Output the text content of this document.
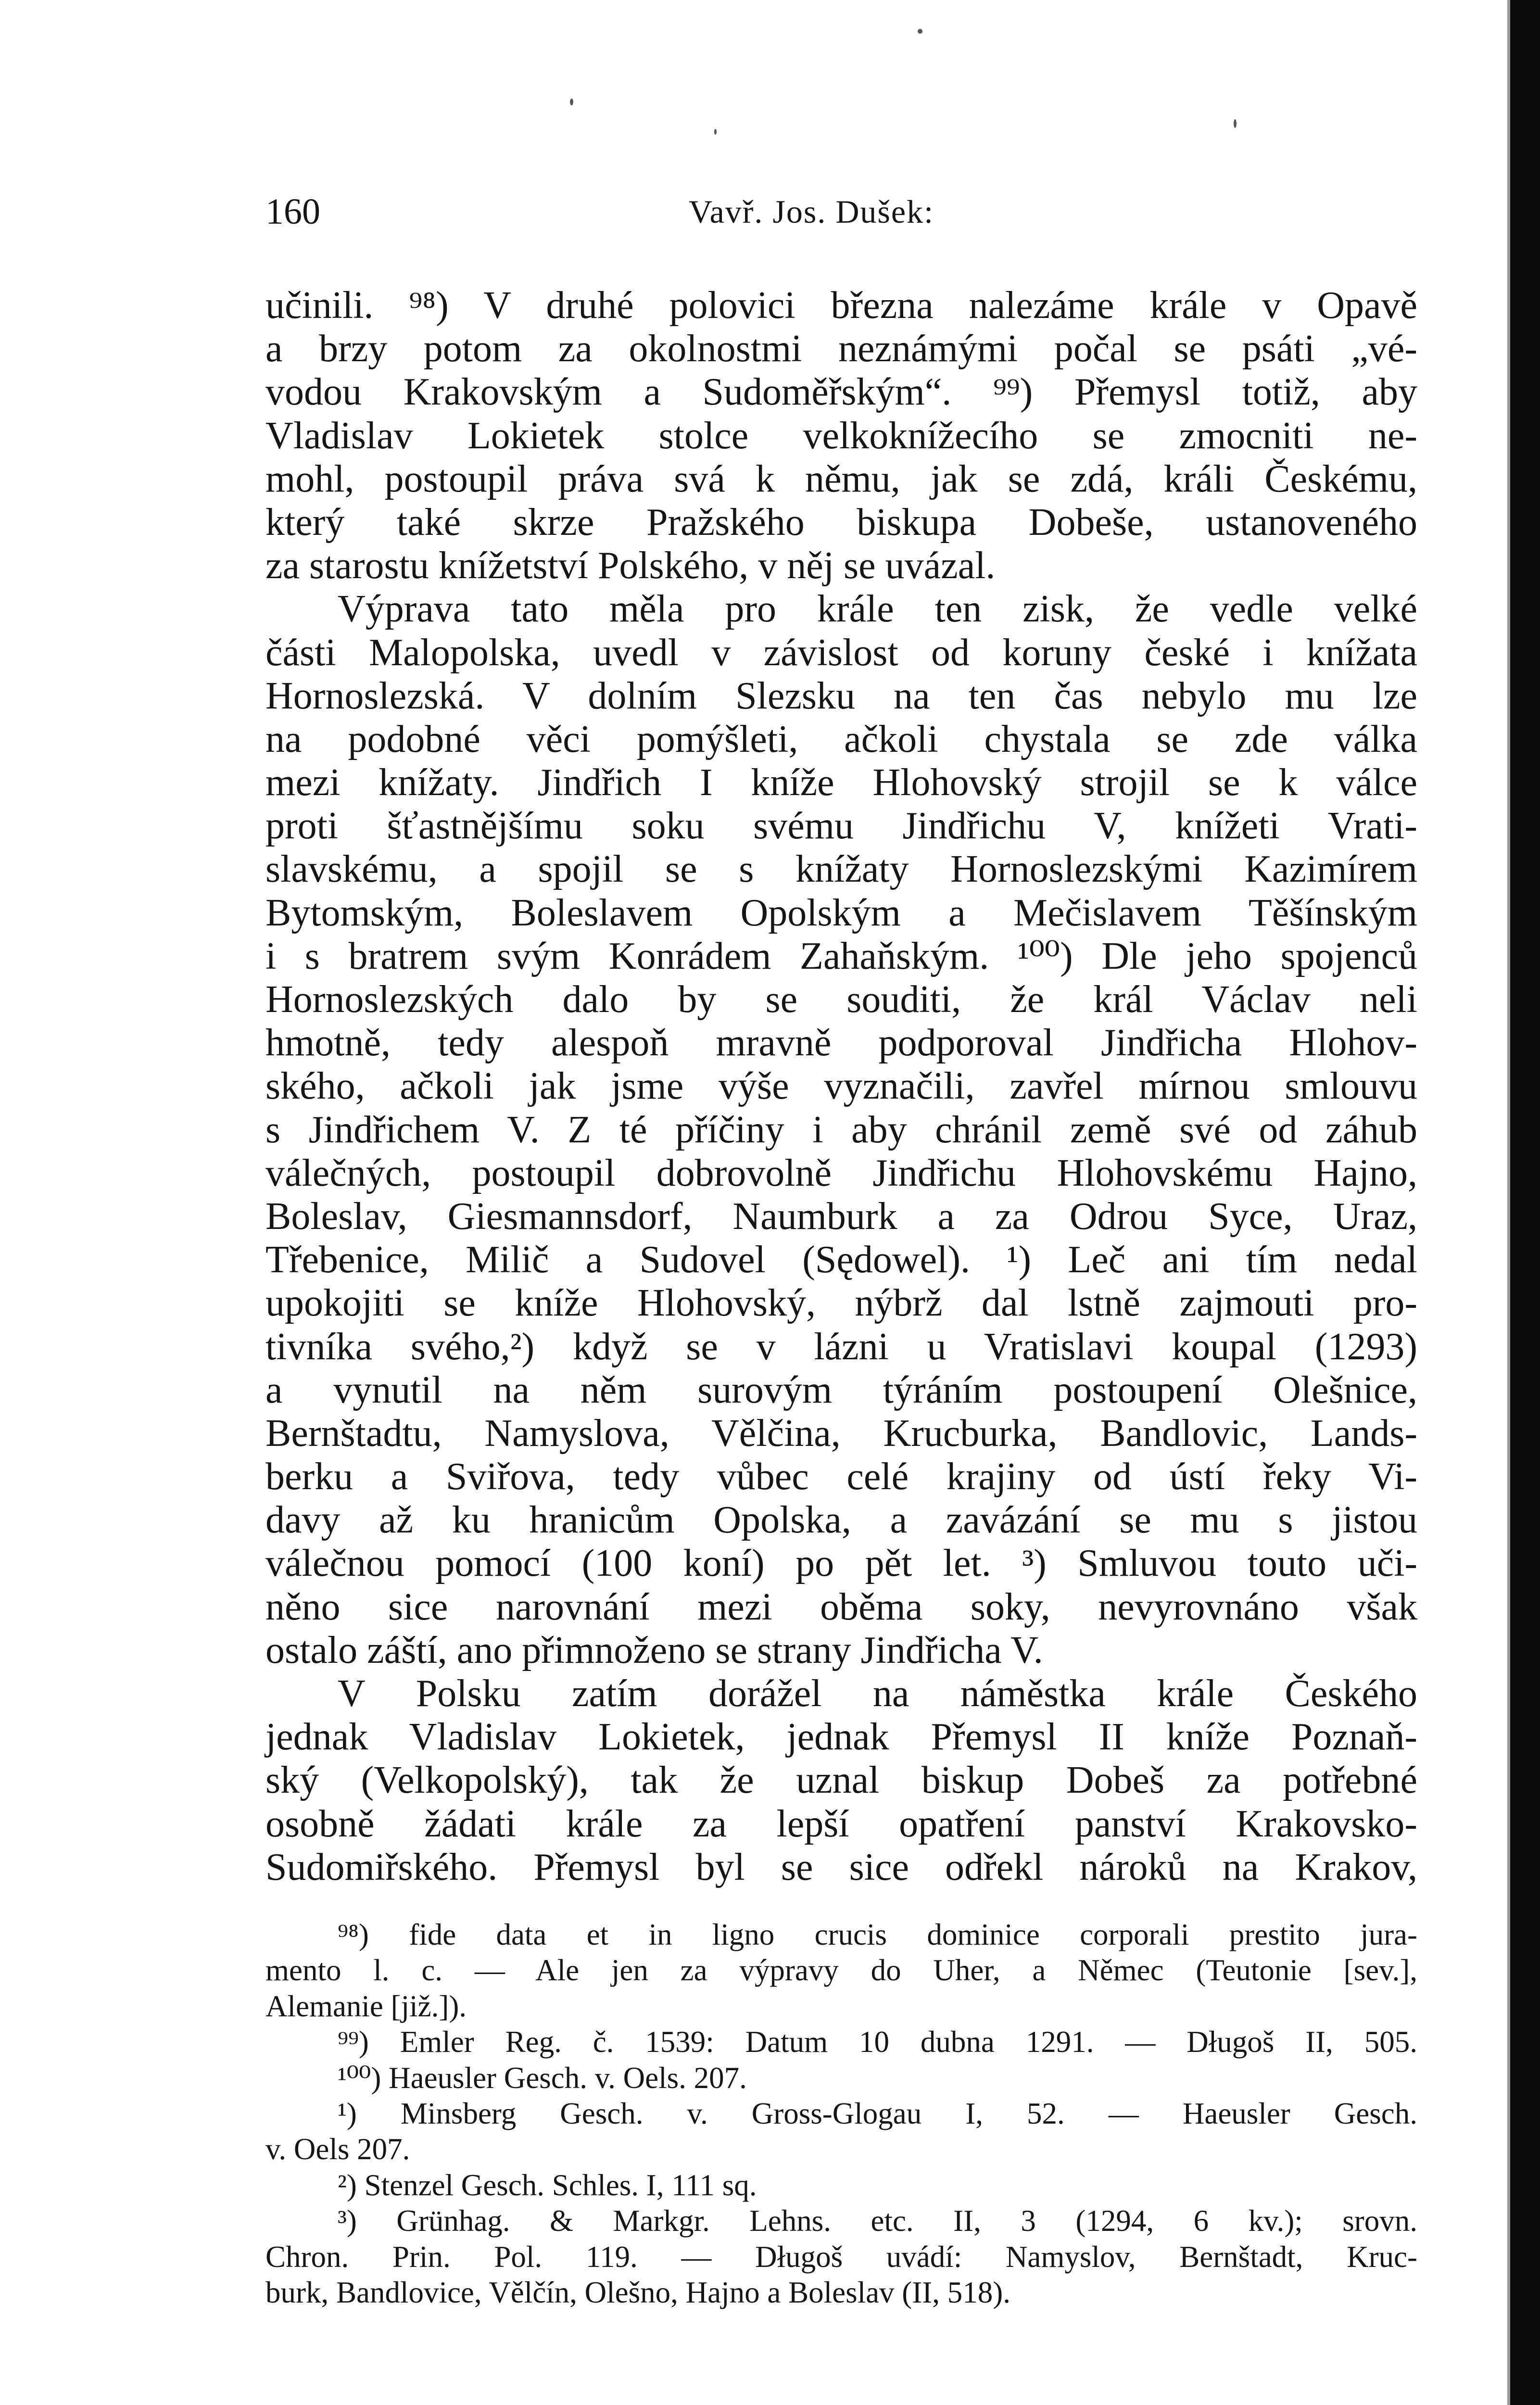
160	Vavř. Jos. Dušek:
učinili. ⁹⁸) V druhé polovici března nalezáme krále v Opavě
a brzy potom za okolnostmi neznámými počal se psáti „vé-
vodou Krakovským a Sudoměřským“. ⁹⁹) Přemysl totiž, aby
Vladislav Lokietek stolce velkoknížecího se zmocniti ne-
mohl, postoupil práva svá k němu, jak se zdá, králi Českému,
který také skrze Pražského biskupa Dobeše, ustanoveného
za starostu knížetství Polského, v něj se uvázal.
Výprava tato měla pro krále ten zisk, že vedle velké
části Malopolska, uvedl v závislost od koruny české i knížata
Hornoslezská. V dolním Slezsku na ten čas nebylo mu lze
na podobné věci pomýšleti, ačkoli chystala se zde válka
mezi knížaty. Jindřich I kníže Hlohovský strojil se k válce
proti šťastnějšímu soku svému Jindřichu V, knížeti Vrati-
slavskému, a spojil se s knížaty Hornoslezskými Kazimírem
Bytomským, Boleslavem Opolským a Mečislavem Těšínským
i s bratrem svým Konrádem Zahaňským. ¹⁰⁰) Dle jeho spojenců
Hornoslezských dalo by se souditi, že král Václav neli
hmotně, tedy alespoň mravně podporoval Jindřicha Hlohov-
ského, ačkoli jak jsme výše vyznačili, zavřel mírnou smlouvu
s Jindřichem V. Z té příčiny i aby chránil země své od záhub
válečných, postoupil dobrovolně Jindřichu Hlohovskému Hajno,
Boleslav, Giesmannsdorf, Naumburk a za Odrou Syce, Uraz,
Třebenice, Milič a Sudovel (Sędowel). ¹) Leč ani tím nedal
upokojiti se kníže Hlohovský, nýbrž dal lstně zajmouti pro-
tivníka svého,²) když se v lázni u Vratislavi koupal (1293)
a vynutil na něm surovým týráním postoupení Olešnice,
Bernštadtu, Namyslova, Vělčina, Krucburka, Bandlovic, Lands-
berku a Sviřova, tedy vůbec celé krajiny od ústí řeky Vi-
davy až ku hranicům Opolska, a zavázání se mu s jistou
válečnou pomocí (100 koní) po pět let. ³) Smluvou touto uči-
něno sice narovnání mezi oběma soky, nevyrovnáno však
ostalo záští, ano přimnoženo se strany Jindřicha V.
V Polsku zatím dorážel na náměstka krále Českého
jednak Vladislav Lokietek, jednak Přemysl II kníže Poznaň-
ský (Velkopolský), tak že uznal biskup Dobeš za potřebné
osobně žádati krále za lepší opatření panství Krakovsko-
Sudomiřského. Přemysl byl se sice odřekl nároků na Krakov,
⁹⁸) fide data et in ligno crucis dominice corporali prestito jura-
mento l. c. — Ale jen za výpravy do Uher, a Němec (Teutonie [sev.],
Alemanie [již.]).
⁹⁹) Emler Reg. č. 1539: Datum 10 dubna 1291. — Długoš II, 505.
¹⁰⁰) Haeusler Gesch. v. Oels. 207.
¹) Minsberg Gesch. v. Gross-Glogau I, 52. — Haeusler Gesch.
v. Oels 207.
²) Stenzel Gesch. Schles. I, 111 sq.
³) Grünhag. & Markgr. Lehns. etc. II, 3 (1294, 6 kv.); srovn.
Chron. Prin. Pol. 119. — Długoš uvádí: Namyslov, Bernštadt, Kruc-
burk, Bandlovice, Vělčín, Olešno, Hajno a Boleslav (II, 518).
